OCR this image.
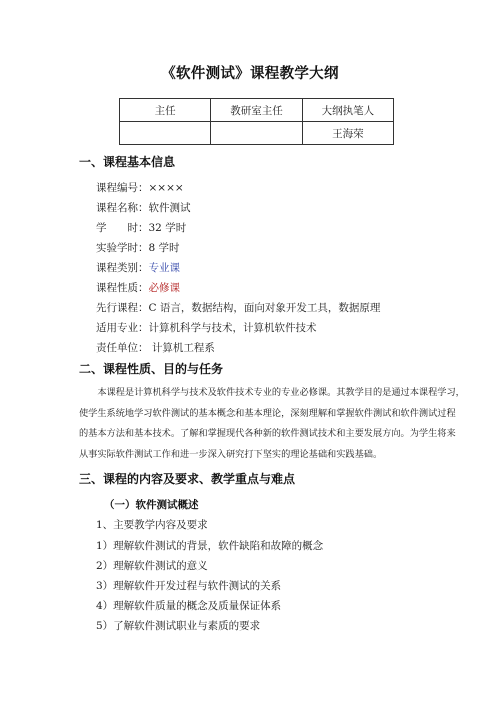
《软件测试》课程教学大纲
主任	教研室主任	大纲执笔人
		王海荣
一、课程基本信息
课程编号：××××
课程名称：软件测试
学　　时：32 学时
实验学时：8 学时
课程类别：专业课
课程性质：必修课
先行课程：C 语言，数据结构，面向对象开发工具，数据原理
适用专业：计算机科学与技术，计算机软件技术
责任单位： 计算机工程系
二、课程性质、目的与任务

　　本课程是计算机科学与技术及软件技术专业的专业必修课。其教学目的是通过本课程学习，

使学生系统地学习软件测试的基本概念和基本理论，深刻理解和掌握软件测试和软件测试过程

的基本方法和基本技术。了解和掌握现代各种新的软件测试技术和主要发展方向。为学生将来

从事实际软件测试工作和进一步深入研究打下坚实的理论基础和实践基础。

三、课程的内容及要求、教学重点与难点
（一）软件测试概述
1、主要教学内容及要求
1）理解软件测试的背景，软件缺陷和故障的概念
2）理解软件测试的意义
3）理解软件开发过程与软件测试的关系
4）理解软件质量的概念及质量保证体系
5）了解软件测试职业与素质的要求
